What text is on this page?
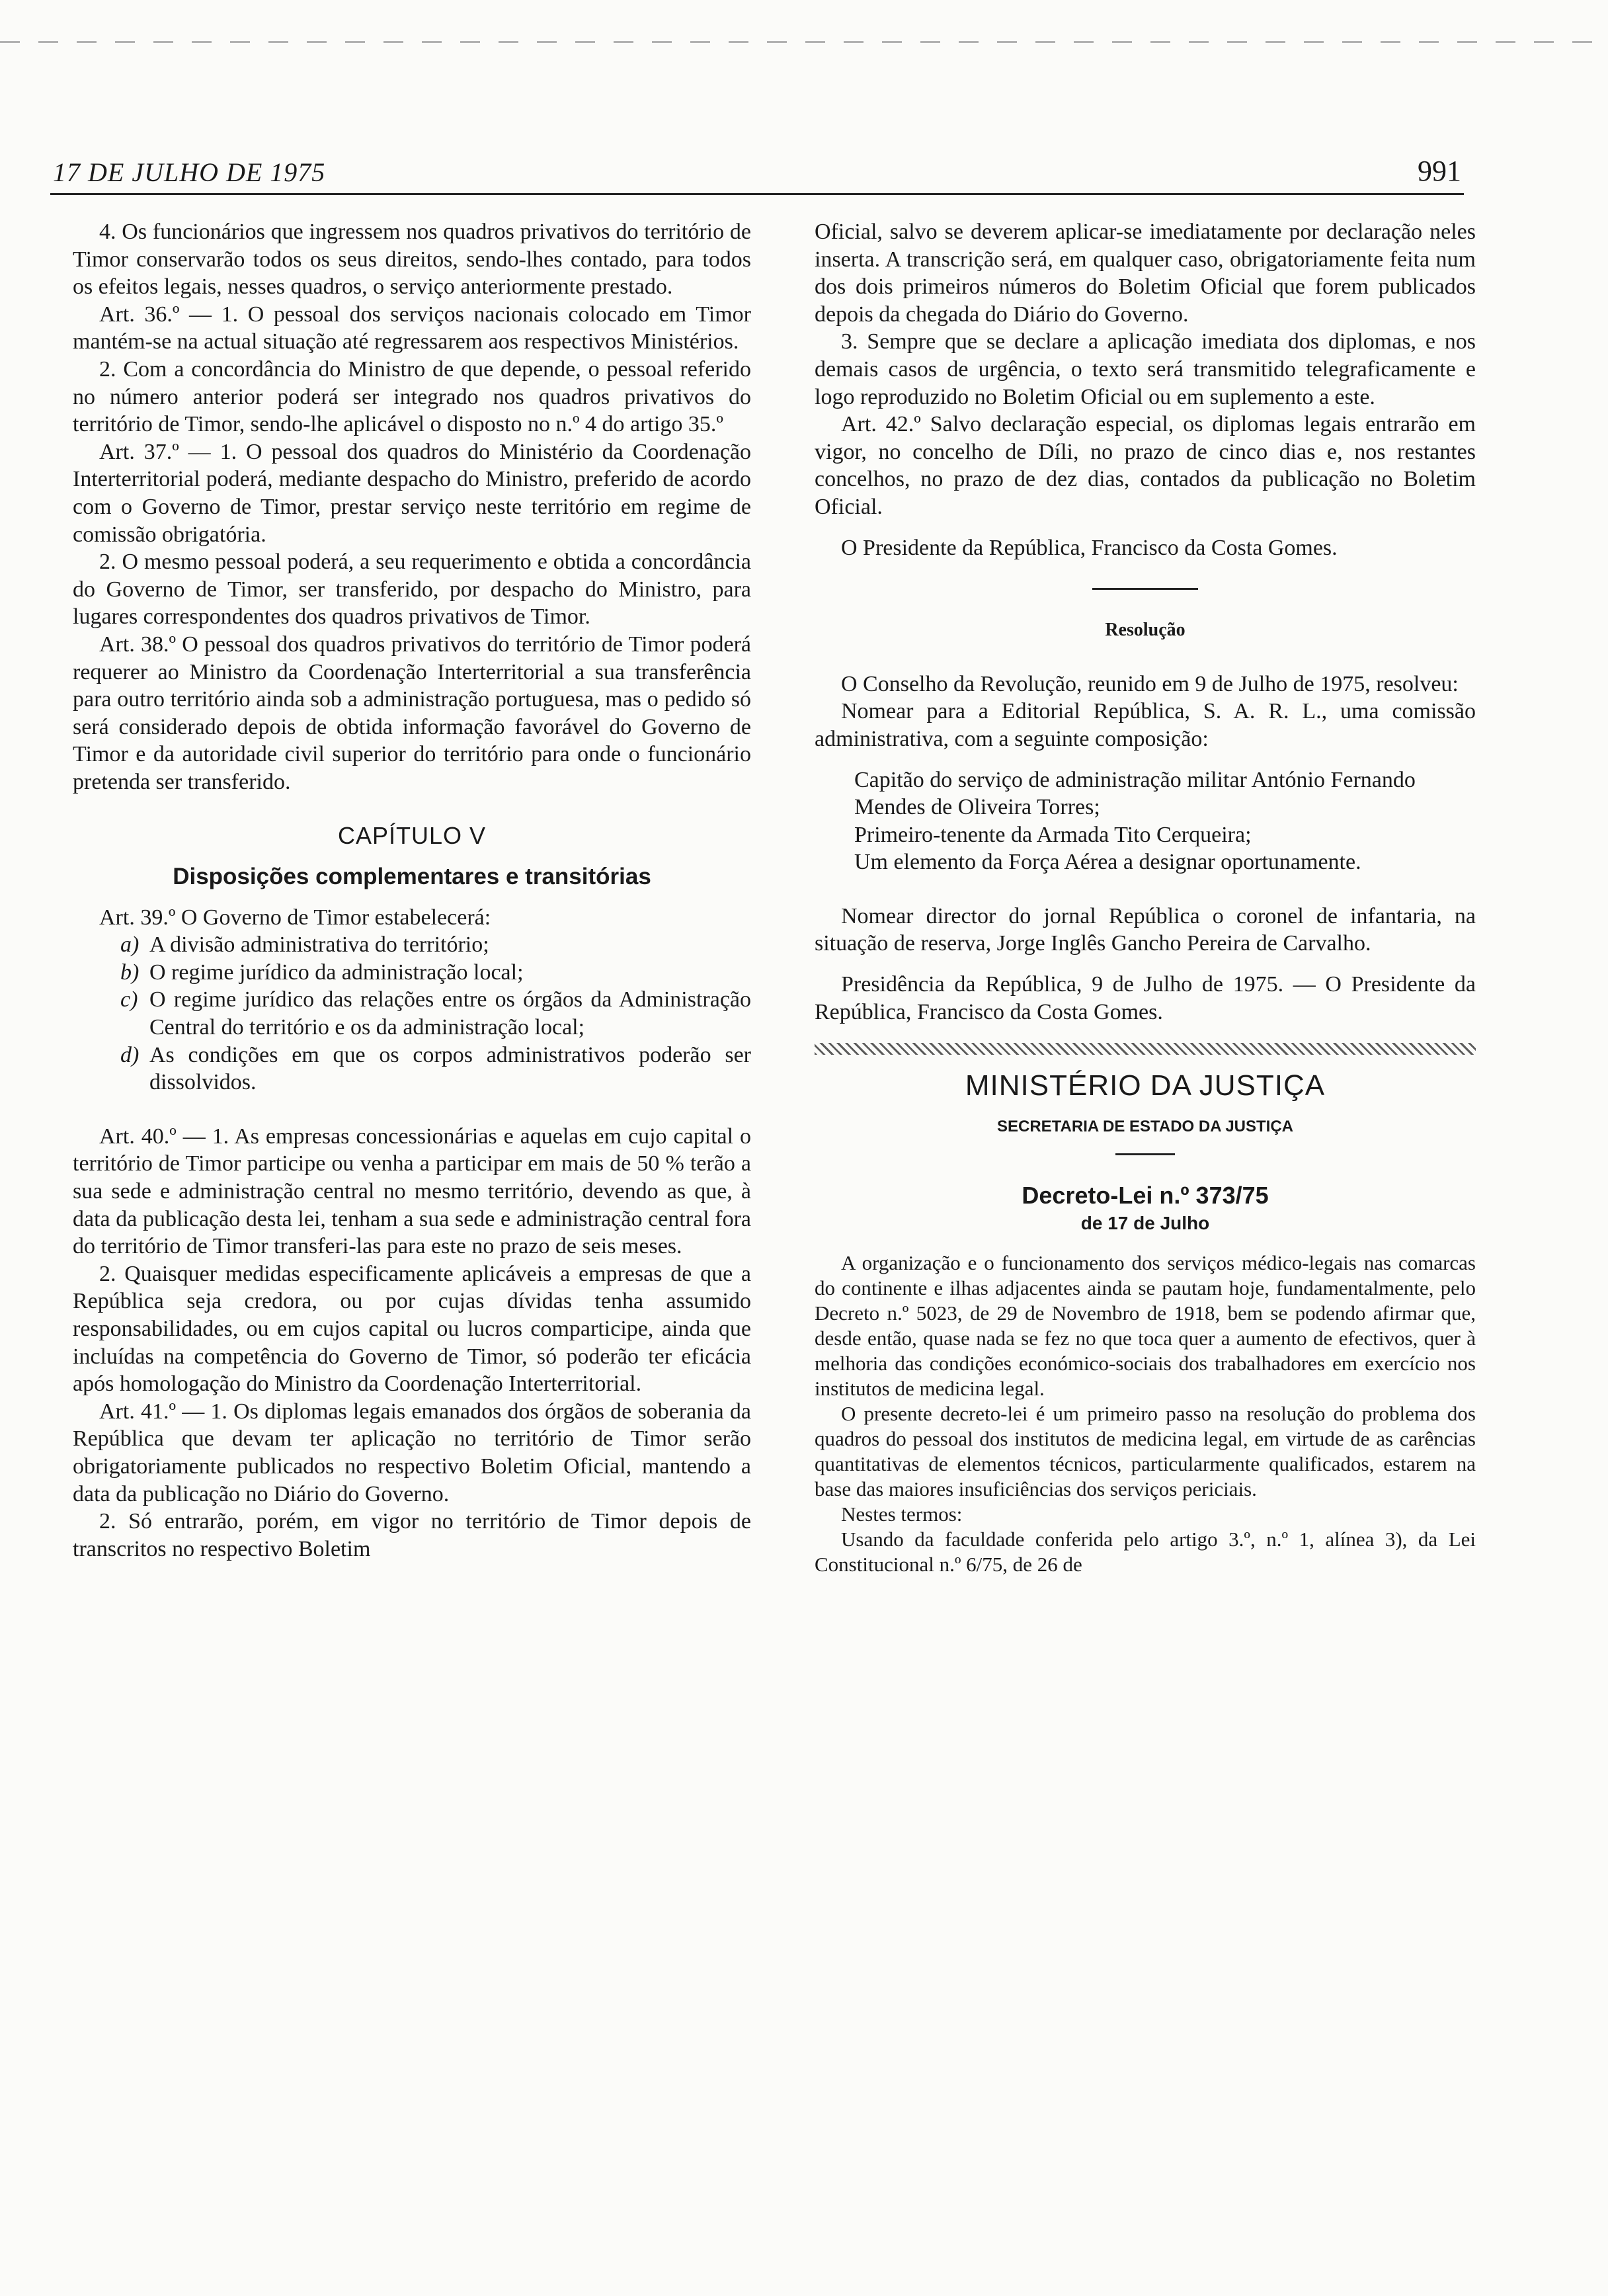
17 DE JULHO DE 1975	991

4. Os funcionários que ingressem nos quadros privativos do território de Timor conservarão todos os seus direitos, sendo-lhes contado, para todos os efeitos legais, nesses quadros, o serviço anteriormente prestado.

Art. 36.º — 1. O pessoal dos serviços nacionais colocado em Timor mantém-se na actual situação até regressarem aos respectivos Ministérios.

2. Com a concordância do Ministro de que depende, o pessoal referido no número anterior poderá ser integrado nos quadros privativos do território de Timor, sendo-lhe aplicável o disposto no n.º 4 do artigo 35.º

Art. 37.º — 1. O pessoal dos quadros do Ministério da Coordenação Interterritorial poderá, mediante despacho do Ministro, preferido de acordo com o Governo de Timor, prestar serviço neste território em regime de comissão obrigatória.

2. O mesmo pessoal poderá, a seu requerimento e obtida a concordância do Governo de Timor, ser transferido, por despacho do Ministro, para lugares correspondentes dos quadros privativos de Timor.

Art. 38.º O pessoal dos quadros privativos do território de Timor poderá requerer ao Ministro da Coordenação Interterritorial a sua transferência para outro território ainda sob a administração portuguesa, mas o pedido só será considerado depois de obtida informação favorável do Governo de Timor e da autoridade civil superior do território para onde o funcionário pretenda ser transferido.

CAPÍTULO V

Disposições complementares e transitórias

Art. 39.º O Governo de Timor estabelecerá:

a) A divisão administrativa do território;
b) O regime jurídico da administração local;
c) O regime jurídico das relações entre os órgãos da Administração Central do território e os da administração local;
d) As condições em que os corpos administrativos poderão ser dissolvidos.

Art. 40.º — 1. As empresas concessionárias e aquelas em cujo capital o território de Timor participe ou venha a participar em mais de 50 % terão a sua sede e administração central no mesmo território, devendo as que, à data da publicação desta lei, tenham a sua sede e administração central fora do território de Timor transferi-las para este no prazo de seis meses.

2. Quaisquer medidas especificamente aplicáveis a empresas de que a República seja credora, ou por cujas dívidas tenha assumido responsabilidades, ou em cujos capital ou lucros comparticipe, ainda que incluídas na competência do Governo de Timor, só poderão ter eficácia após homologação do Ministro da Coordenação Interterritorial.

Art. 41.º — 1. Os diplomas legais emanados dos órgãos de soberania da República que devam ter aplicação no território de Timor serão obrigatoriamente publicados no respectivo Boletim Oficial, mantendo a data da publicação no Diário do Governo.

2. Só entrarão, porém, em vigor no território de Timor depois de transcritos no respectivo Boletim

Oficial, salvo se deverem aplicar-se imediatamente por declaração neles inserta. A transcrição será, em qualquer caso, obrigatoriamente feita num dos dois primeiros números do Boletim Oficial que forem publicados depois da chegada do Diário do Governo.

3. Sempre que se declare a aplicação imediata dos diplomas, e nos demais casos de urgência, o texto será transmitido telegraficamente e logo reproduzido no Boletim Oficial ou em suplemento a este.

Art. 42.º Salvo declaração especial, os diplomas legais entrarão em vigor, no concelho de Díli, no prazo de cinco dias e, nos restantes concelhos, no prazo de dez dias, contados da publicação no Boletim Oficial.

O Presidente da República, Francisco da Costa Gomes.

Resolução

O Conselho da Revolução, reunido em 9 de Julho de 1975, resolveu:

Nomear para a Editorial República, S. A. R. L., uma comissão administrativa, com a seguinte composição:

Capitão do serviço de administração militar António Fernando Mendes de Oliveira Torres;

Primeiro-tenente da Armada Tito Cerqueira;

Um elemento da Força Aérea a designar oportunamente.

Nomear director do jornal República o coronel de infantaria, na situação de reserva, Jorge Inglês Gancho Pereira de Carvalho.

Presidência da República, 9 de Julho de 1975. — O Presidente da República, Francisco da Costa Gomes.

MINISTÉRIO DA JUSTIÇA

SECRETARIA DE ESTADO DA JUSTIÇA

Decreto-Lei n.º 373/75

de 17 de Julho

A organização e o funcionamento dos serviços médico-legais nas comarcas do continente e ilhas adjacentes ainda se pautam hoje, fundamentalmente, pelo Decreto n.º 5023, de 29 de Novembro de 1918, bem se podendo afirmar que, desde então, quase nada se fez no que toca quer a aumento de efectivos, quer à melhoria das condições económico-sociais dos trabalhadores em exercício nos institutos de medicina legal.

O presente decreto-lei é um primeiro passo na resolução do problema dos quadros do pessoal dos institutos de medicina legal, em virtude de as carências quantitativas de elementos técnicos, particularmente qualificados, estarem na base das maiores insuficiências dos serviços periciais.

Nestes termos:

Usando da faculdade conferida pelo artigo 3.º, n.º 1, alínea 3), da Lei Constitucional n.º 6/75, de 26 de
